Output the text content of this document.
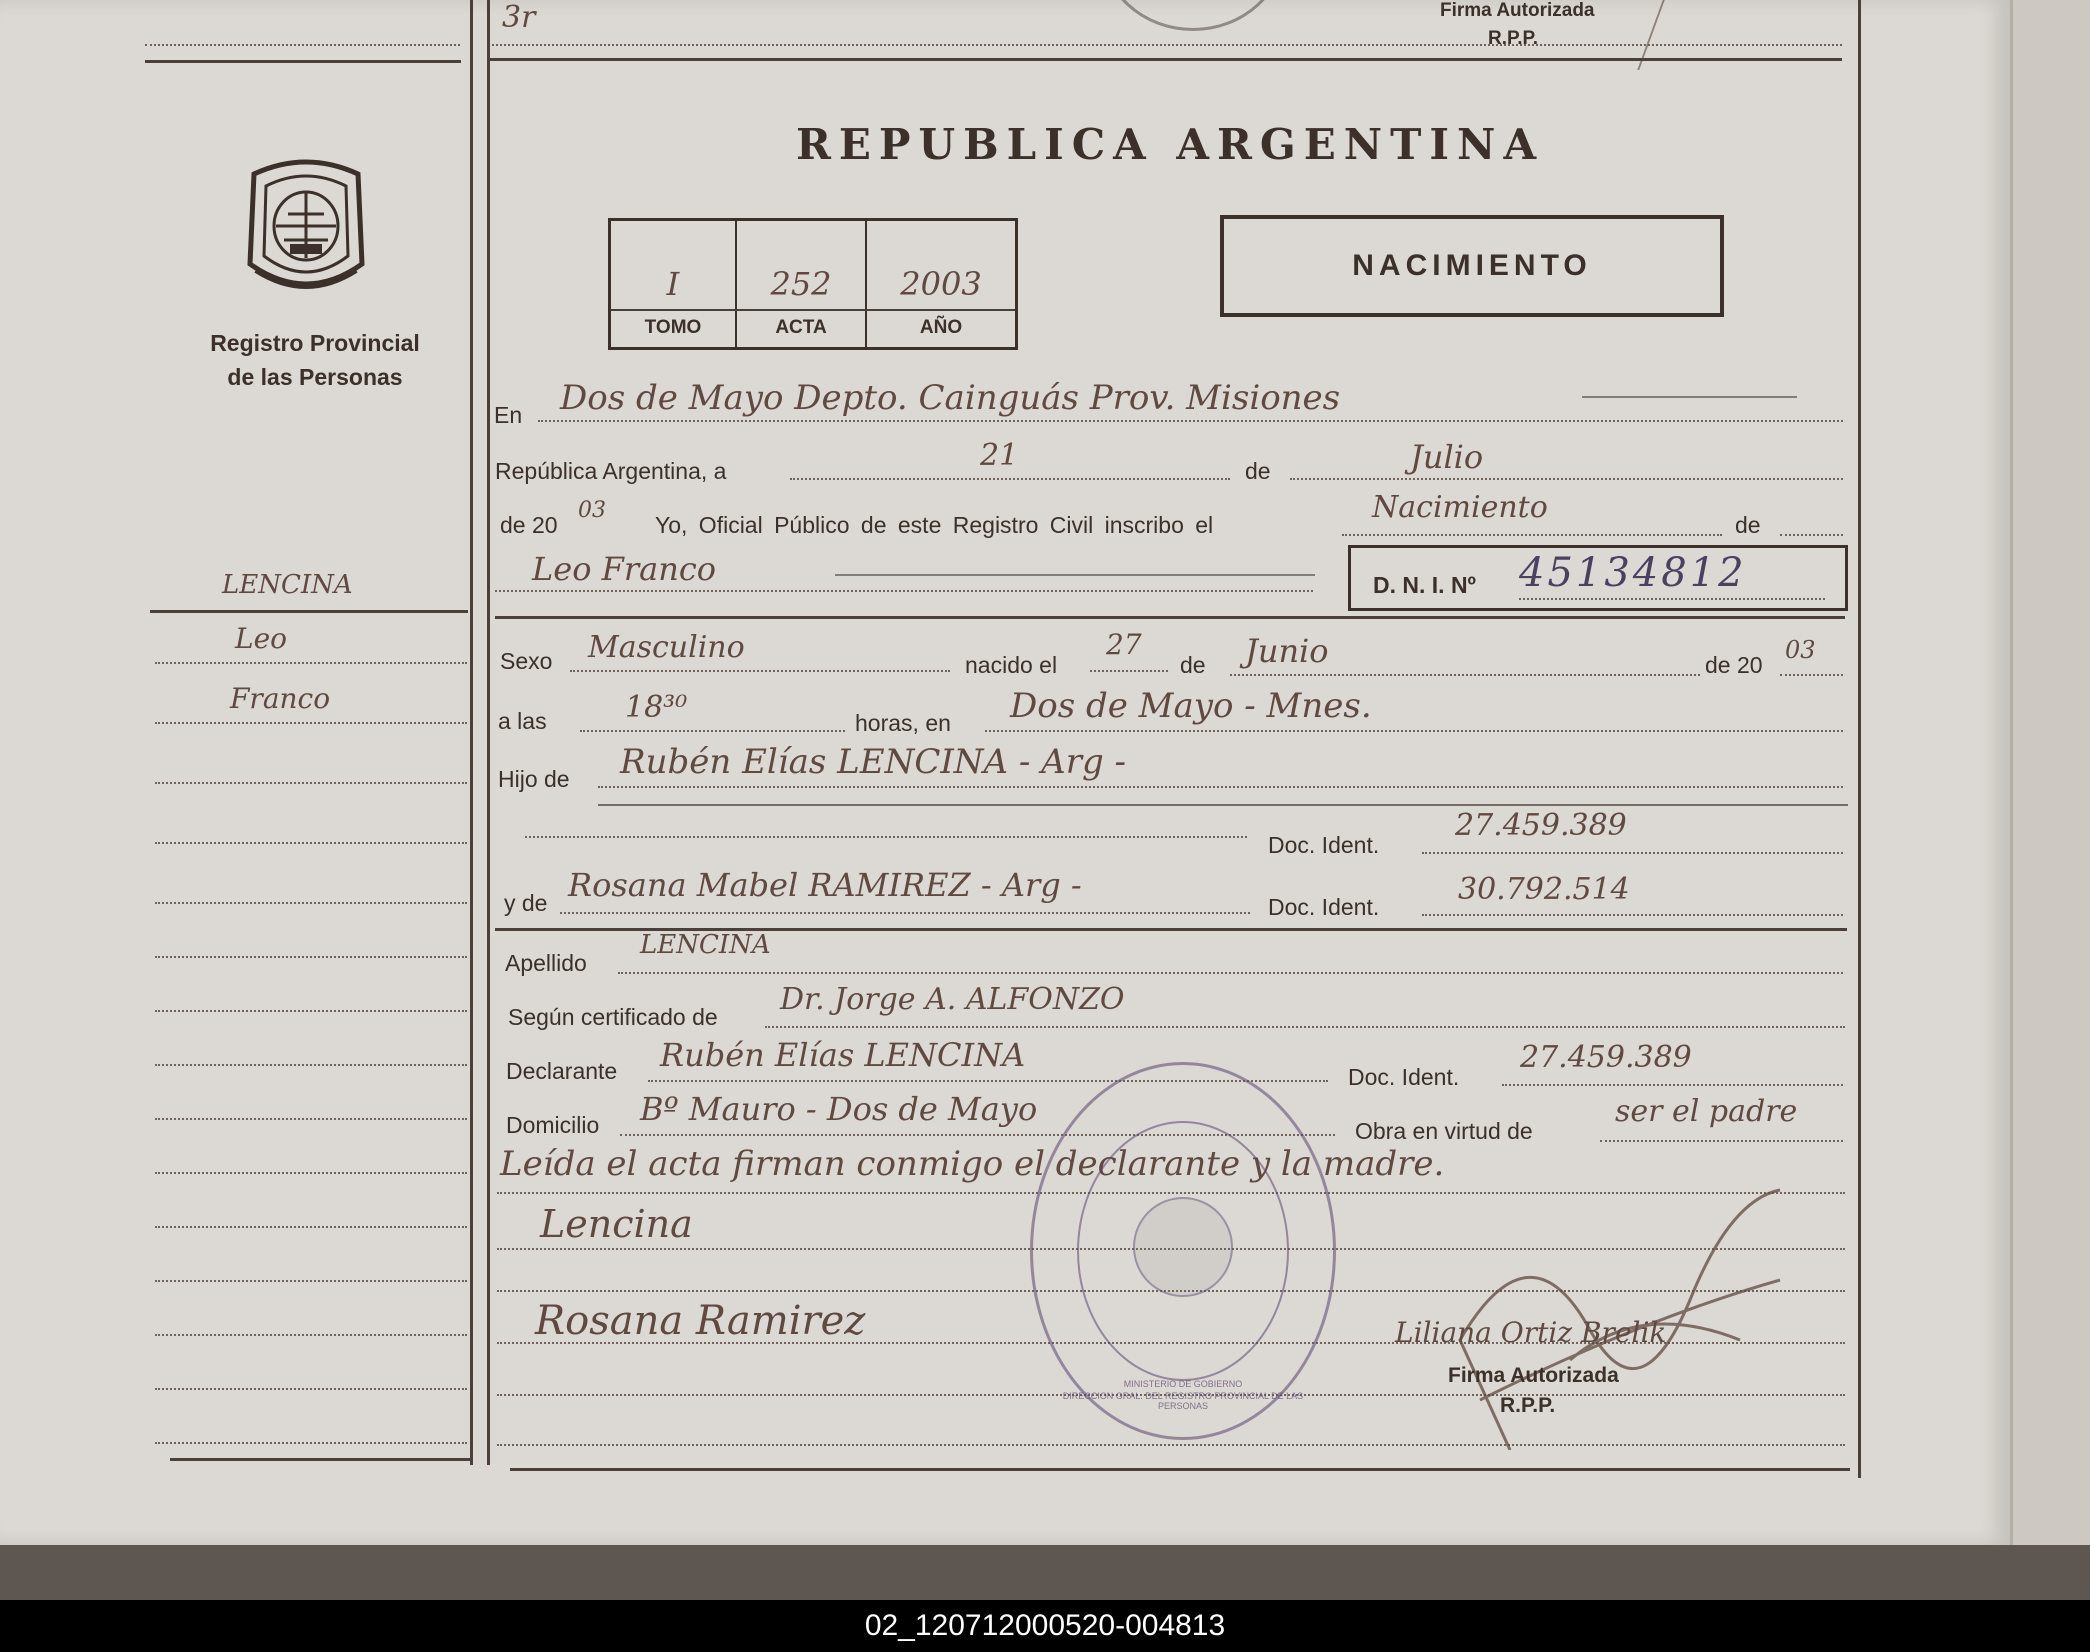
3r	Firma Autorizada
R.P.P.
Registro Provincial
de las Personas
LENCINA
Leo
Franco
REPUBLICA ARGENTINA
I	252	2003
TOMO	ACTA	AÑO
NACIMIENTO
En Dos de Mayo Depto. Cainguás Prov. Misiones
República Argentina, a	21	de	Julio
de 20
03
Yo, Oficial Público de este Registro Civil inscribo el	Nacimiento	de
Leo Franco	D. N. I. Nº 45134812
Sexo Masculino	nacido el
27
de Junio	de 20
03
a las	18³⁰	horas, en Dos de Mayo - Mnes.
Hijo de Rubén Elías LENCINA - Arg -
Doc. Ident.
27.459.389
y de Rosana Mabel RAMIREZ - Arg -
Doc. Ident.	30.792.514
Apellido
LENCINA
Según certificado de Dr. Jorge A. ALFONZO
Declarante Rubén Elías LENCINA
Doc. Ident.
27.459.389
Domicilio Bº Mauro - Dos de Mayo
Obra en virtud de
ser el padre
Leída el acta firman conmigo el declarante y la madre.
Lencina
Rosana Ramirez
DIRECCION GRAL. DEL REGISTRO PROVINCIAL DE LAS PERSONAS
MINISTERIO DE GOBIERNO
Liliana Ortiz Brelik
Firma Autorizada
R.P.P.
02_120712000520-004813
